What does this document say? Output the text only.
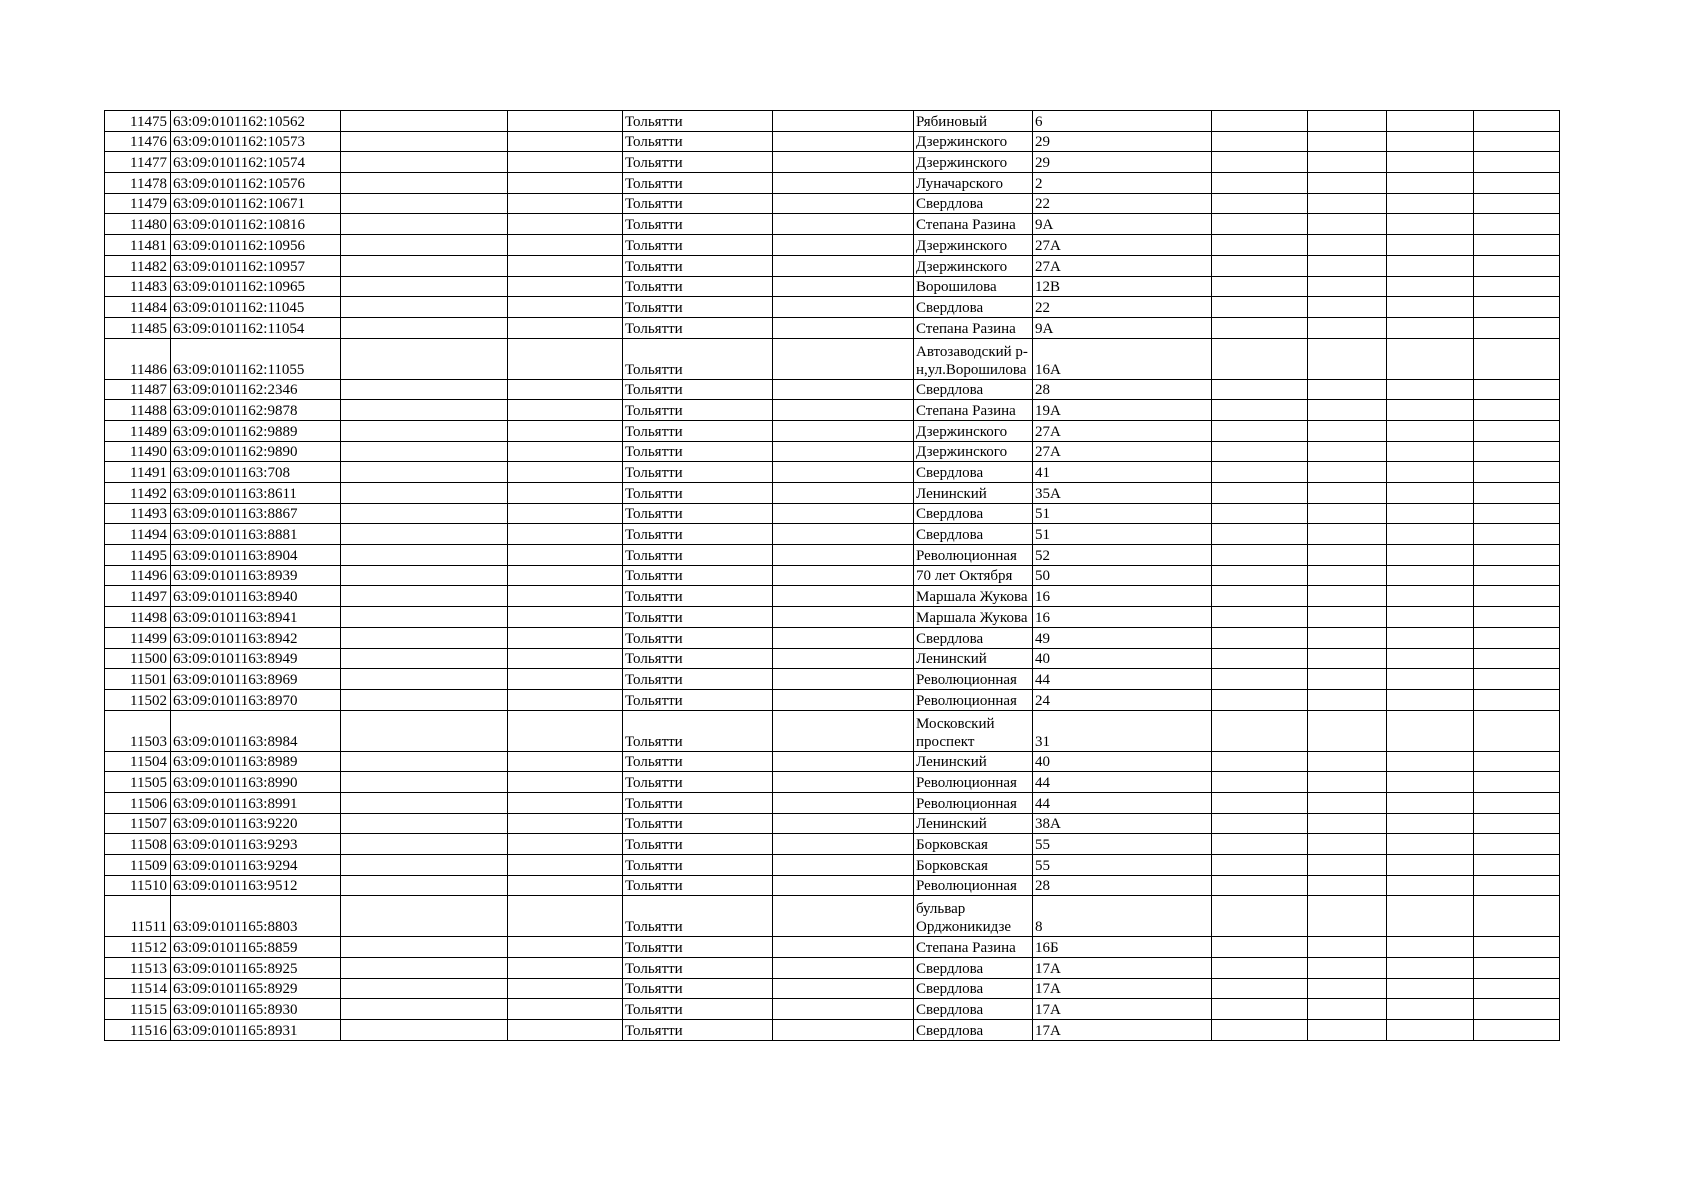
11475	63:09:0101162:10562			Тольятти		Рябиновый	6				
11476	63:09:0101162:10573			Тольятти		Дзержинского	29				
11477	63:09:0101162:10574			Тольятти		Дзержинского	29				
11478	63:09:0101162:10576			Тольятти		Луначарского	2				
11479	63:09:0101162:10671			Тольятти		Свердлова	22				
11480	63:09:0101162:10816			Тольятти		Степана Разина	9А				
11481	63:09:0101162:10956			Тольятти		Дзержинского	27А				
11482	63:09:0101162:10957			Тольятти		Дзержинского	27А				
11483	63:09:0101162:10965			Тольятти		Ворошилова	12В				
11484	63:09:0101162:11045			Тольятти		Свердлова	22				
11485	63:09:0101162:11054			Тольятти		Степана Разина	9А				
11486	63:09:0101162:11055			Тольятти		Автозаводский р-н,ул.Ворошилова	16А				
11487	63:09:0101162:2346			Тольятти		Свердлова	28				
11488	63:09:0101162:9878			Тольятти		Степана Разина	19А				
11489	63:09:0101162:9889			Тольятти		Дзержинского	27А				
11490	63:09:0101162:9890			Тольятти		Дзержинского	27А				
11491	63:09:0101163:708			Тольятти		Свердлова	41				
11492	63:09:0101163:8611			Тольятти		Ленинский	35А				
11493	63:09:0101163:8867			Тольятти		Свердлова	51				
11494	63:09:0101163:8881			Тольятти		Свердлова	51				
11495	63:09:0101163:8904			Тольятти		Революционная	52				
11496	63:09:0101163:8939			Тольятти		70 лет Октября	50				
11497	63:09:0101163:8940			Тольятти		Маршала Жукова	16				
11498	63:09:0101163:8941			Тольятти		Маршала Жукова	16				
11499	63:09:0101163:8942			Тольятти		Свердлова	49				
11500	63:09:0101163:8949			Тольятти		Ленинский	40				
11501	63:09:0101163:8969			Тольятти		Революционная	44				
11502	63:09:0101163:8970			Тольятти		Революционная	24				
11503	63:09:0101163:8984			Тольятти		Московский проспект	31				
11504	63:09:0101163:8989			Тольятти		Ленинский	40				
11505	63:09:0101163:8990			Тольятти		Революционная	44				
11506	63:09:0101163:8991			Тольятти		Революционная	44				
11507	63:09:0101163:9220			Тольятти		Ленинский	38А				
11508	63:09:0101163:9293			Тольятти		Борковская	55				
11509	63:09:0101163:9294			Тольятти		Борковская	55				
11510	63:09:0101163:9512			Тольятти		Революционная	28				
11511	63:09:0101165:8803			Тольятти		бульвар Орджоникидзе	8				
11512	63:09:0101165:8859			Тольятти		Степана Разина	16Б				
11513	63:09:0101165:8925			Тольятти		Свердлова	17А				
11514	63:09:0101165:8929			Тольятти		Свердлова	17А				
11515	63:09:0101165:8930			Тольятти		Свердлова	17А				
11516	63:09:0101165:8931			Тольятти		Свердлова	17А				
